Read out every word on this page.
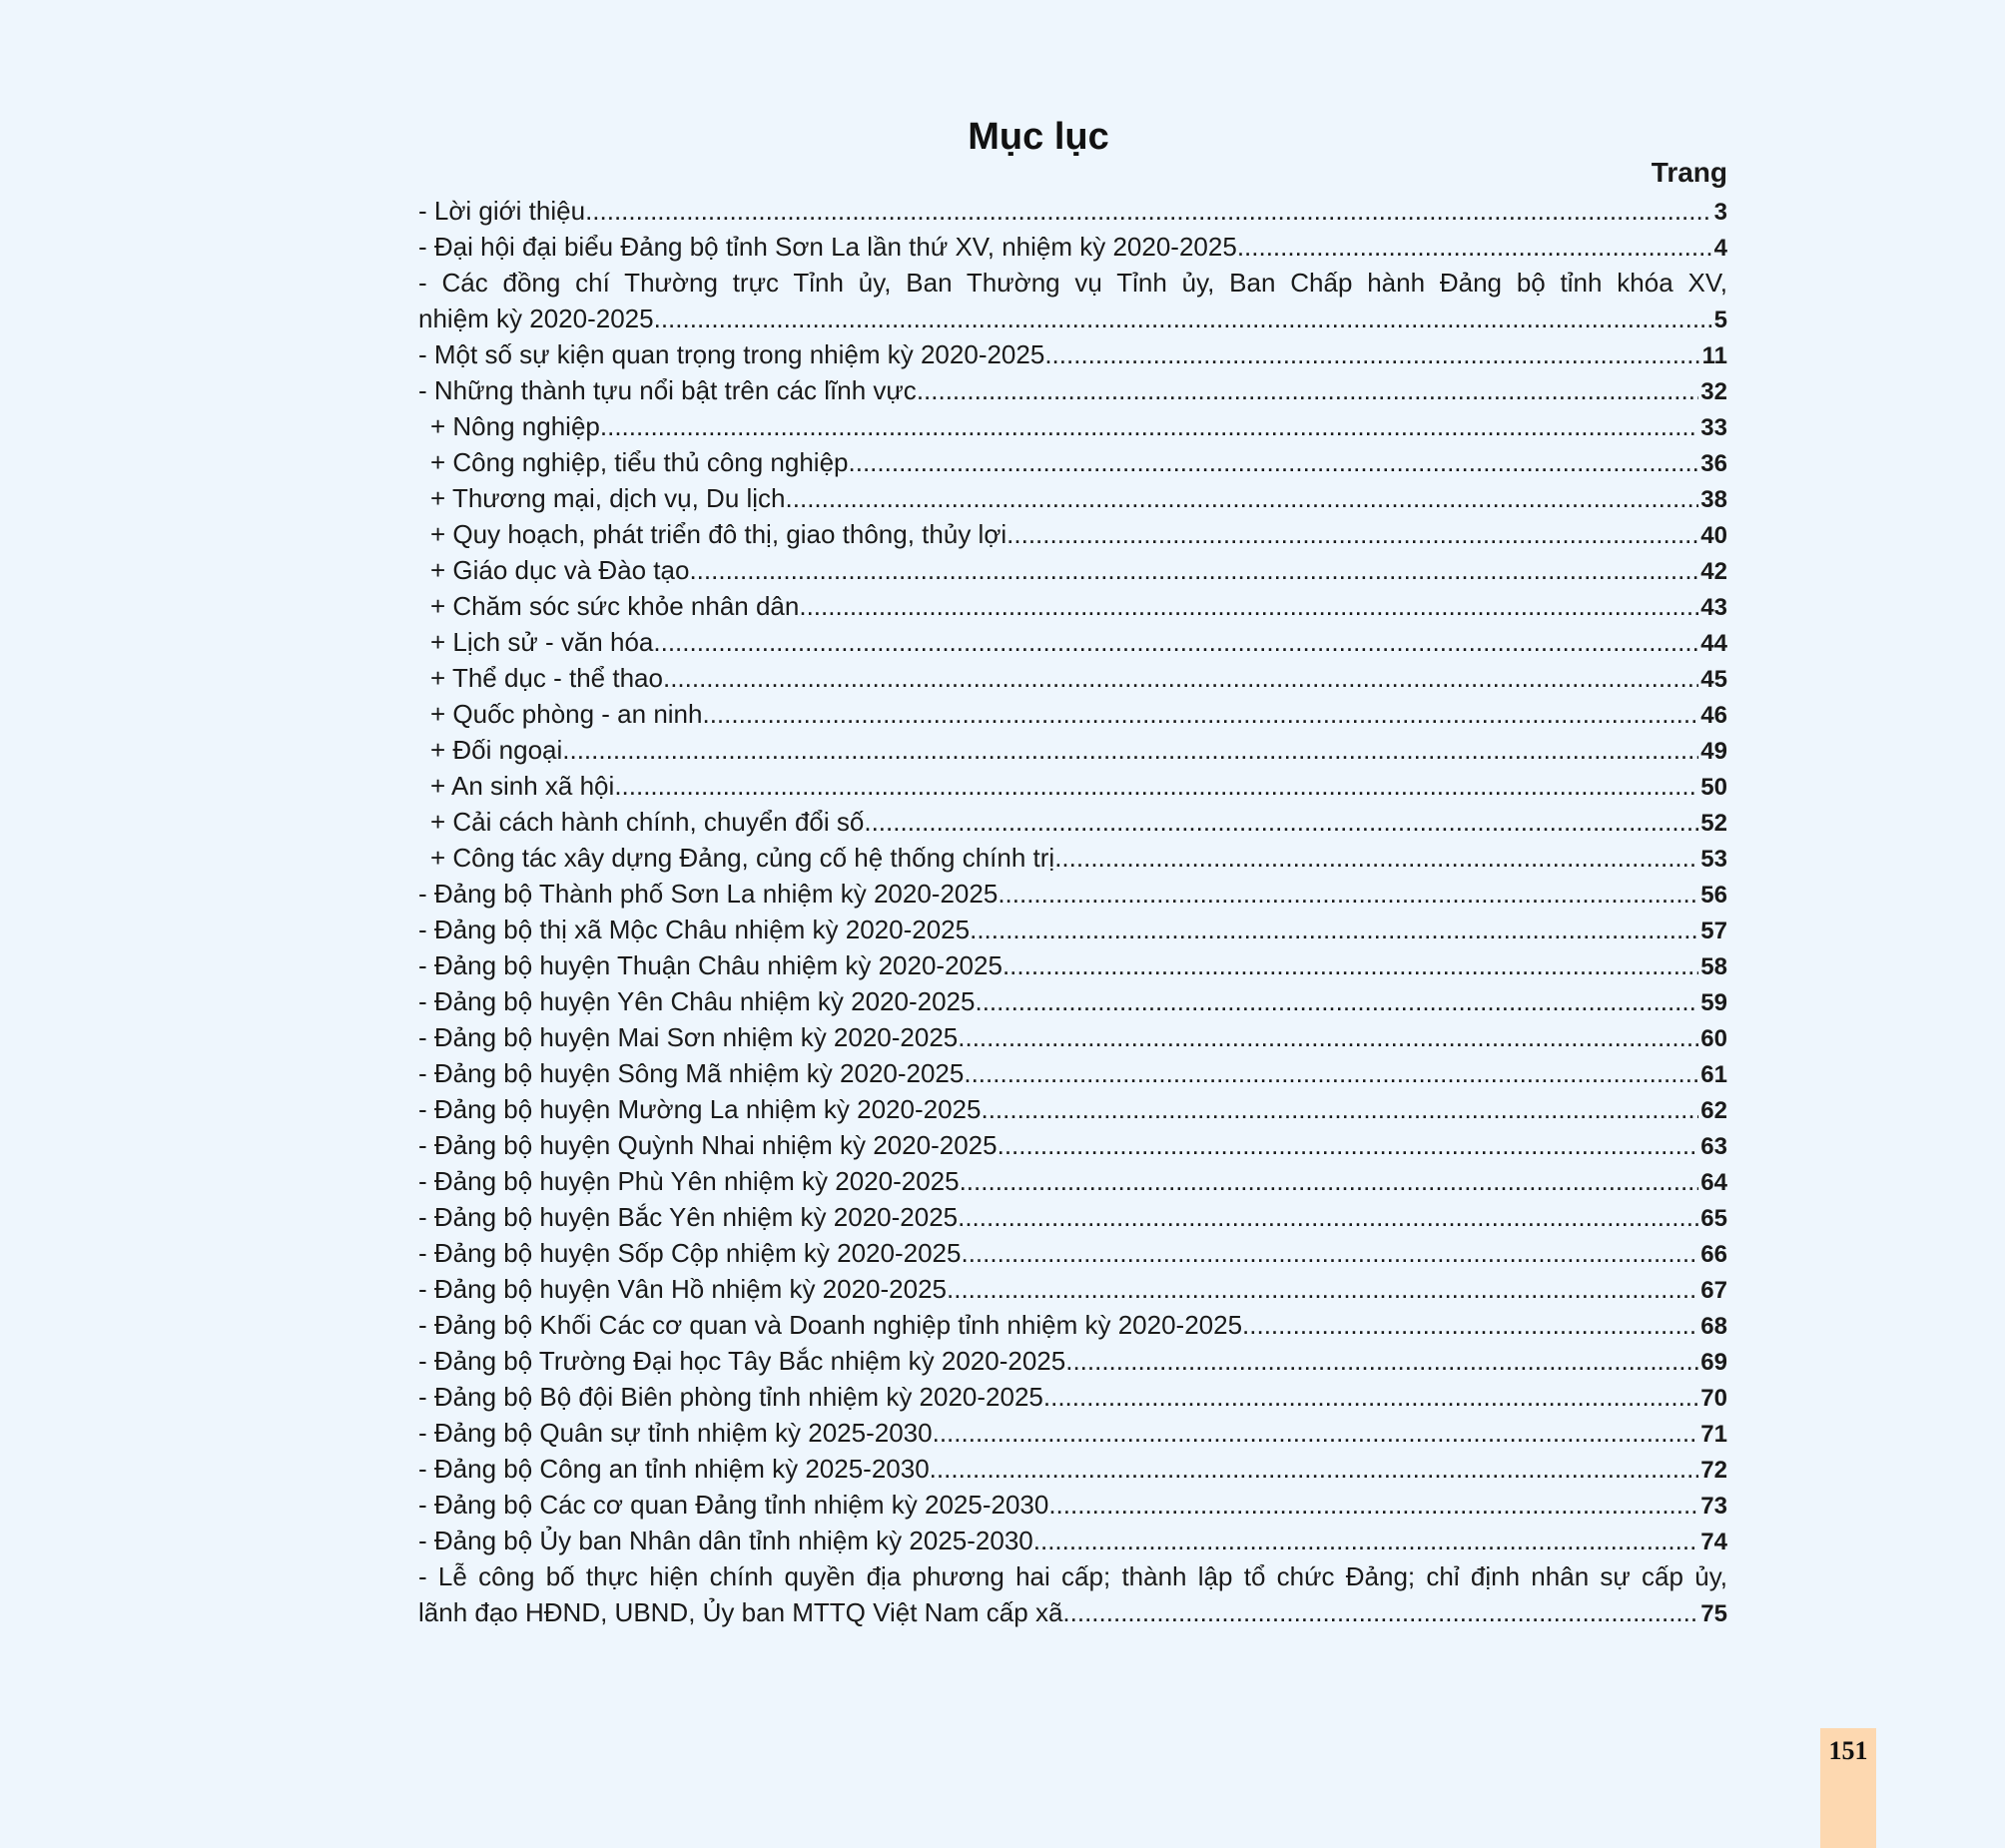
Mục lục
Trang
- Lời giới thiệu .....	3
- Đại hội đại biểu Đảng bộ tỉnh Sơn La lần thứ XV, nhiệm kỳ 2020-2025 .....	4
- Các đồng chí Thường trực Tỉnh ủy, Ban Thường vụ Tỉnh ủy, Ban Chấp hành Đảng bộ tỉnh khóa XV,
nhiệm kỳ 2020-2025 .....	5
- Một số sự kiện quan trọng trong nhiệm kỳ 2020-2025 .....	11
- Những thành tựu nổi bật trên các lĩnh vực .....	32
+ Nông nghiệp .....	33
+ Công nghiệp, tiểu thủ công nghiệp .....	36
+ Thương mại, dịch vụ, Du lịch .....	38
+ Quy hoạch, phát triển đô thị, giao thông, thủy lợi .....	40
+ Giáo dục và Đào tạo .....	42
+ Chăm sóc sức khỏe nhân dân .....	43
+ Lịch sử - văn hóa .....	44
+ Thể dục - thể thao .....	45
+ Quốc phòng - an ninh .....	46
+ Đối ngoại .....	49
+ An sinh xã hội .....	50
+ Cải cách hành chính, chuyển đổi số .....	52
+ Công tác xây dựng Đảng, củng cố hệ thống chính trị .....	53
- Đảng bộ Thành phố Sơn La nhiệm kỳ 2020-2025 .....	56
- Đảng bộ thị xã Mộc Châu nhiệm kỳ 2020-2025 .....	57
- Đảng bộ huyện Thuận Châu nhiệm kỳ 2020-2025 .....	58
- Đảng bộ huyện Yên Châu nhiệm kỳ 2020-2025 .....	59
- Đảng bộ huyện Mai Sơn nhiệm kỳ 2020-2025 .....	60
- Đảng bộ huyện Sông Mã nhiệm kỳ 2020-2025 .....	61
- Đảng bộ huyện Mường La nhiệm kỳ 2020-2025 .....	62
- Đảng bộ huyện Quỳnh Nhai nhiệm kỳ 2020-2025 .....	63
- Đảng bộ huyện Phù Yên nhiệm kỳ 2020-2025 .....	64
- Đảng bộ huyện Bắc Yên nhiệm kỳ 2020-2025 .....	65
- Đảng bộ huyện Sốp Cộp nhiệm kỳ 2020-2025 .....	66
- Đảng bộ huyện Vân Hồ nhiệm kỳ 2020-2025 .....	67
- Đảng bộ Khối Các cơ quan và Doanh nghiệp tỉnh nhiệm kỳ 2020-2025 .....	68
- Đảng bộ Trường Đại học Tây Bắc nhiệm kỳ 2020-2025 .....	69
- Đảng bộ Bộ đội Biên phòng tỉnh nhiệm kỳ 2020-2025 .....	70
- Đảng bộ Quân sự tỉnh nhiệm kỳ 2025-2030 .....	71
- Đảng bộ Công an tỉnh nhiệm kỳ 2025-2030 .....	72
- Đảng bộ Các cơ quan Đảng tỉnh nhiệm kỳ 2025-2030 .....	73
- Đảng bộ Ủy ban Nhân dân tỉnh nhiệm kỳ 2025-2030 .....	74
- Lễ công bố thực hiện chính quyền địa phương hai cấp; thành lập tổ chức Đảng; chỉ định nhân sự cấp ủy,
lãnh đạo HĐND, UBND, Ủy ban MTTQ Việt Nam cấp xã .....	75
151
